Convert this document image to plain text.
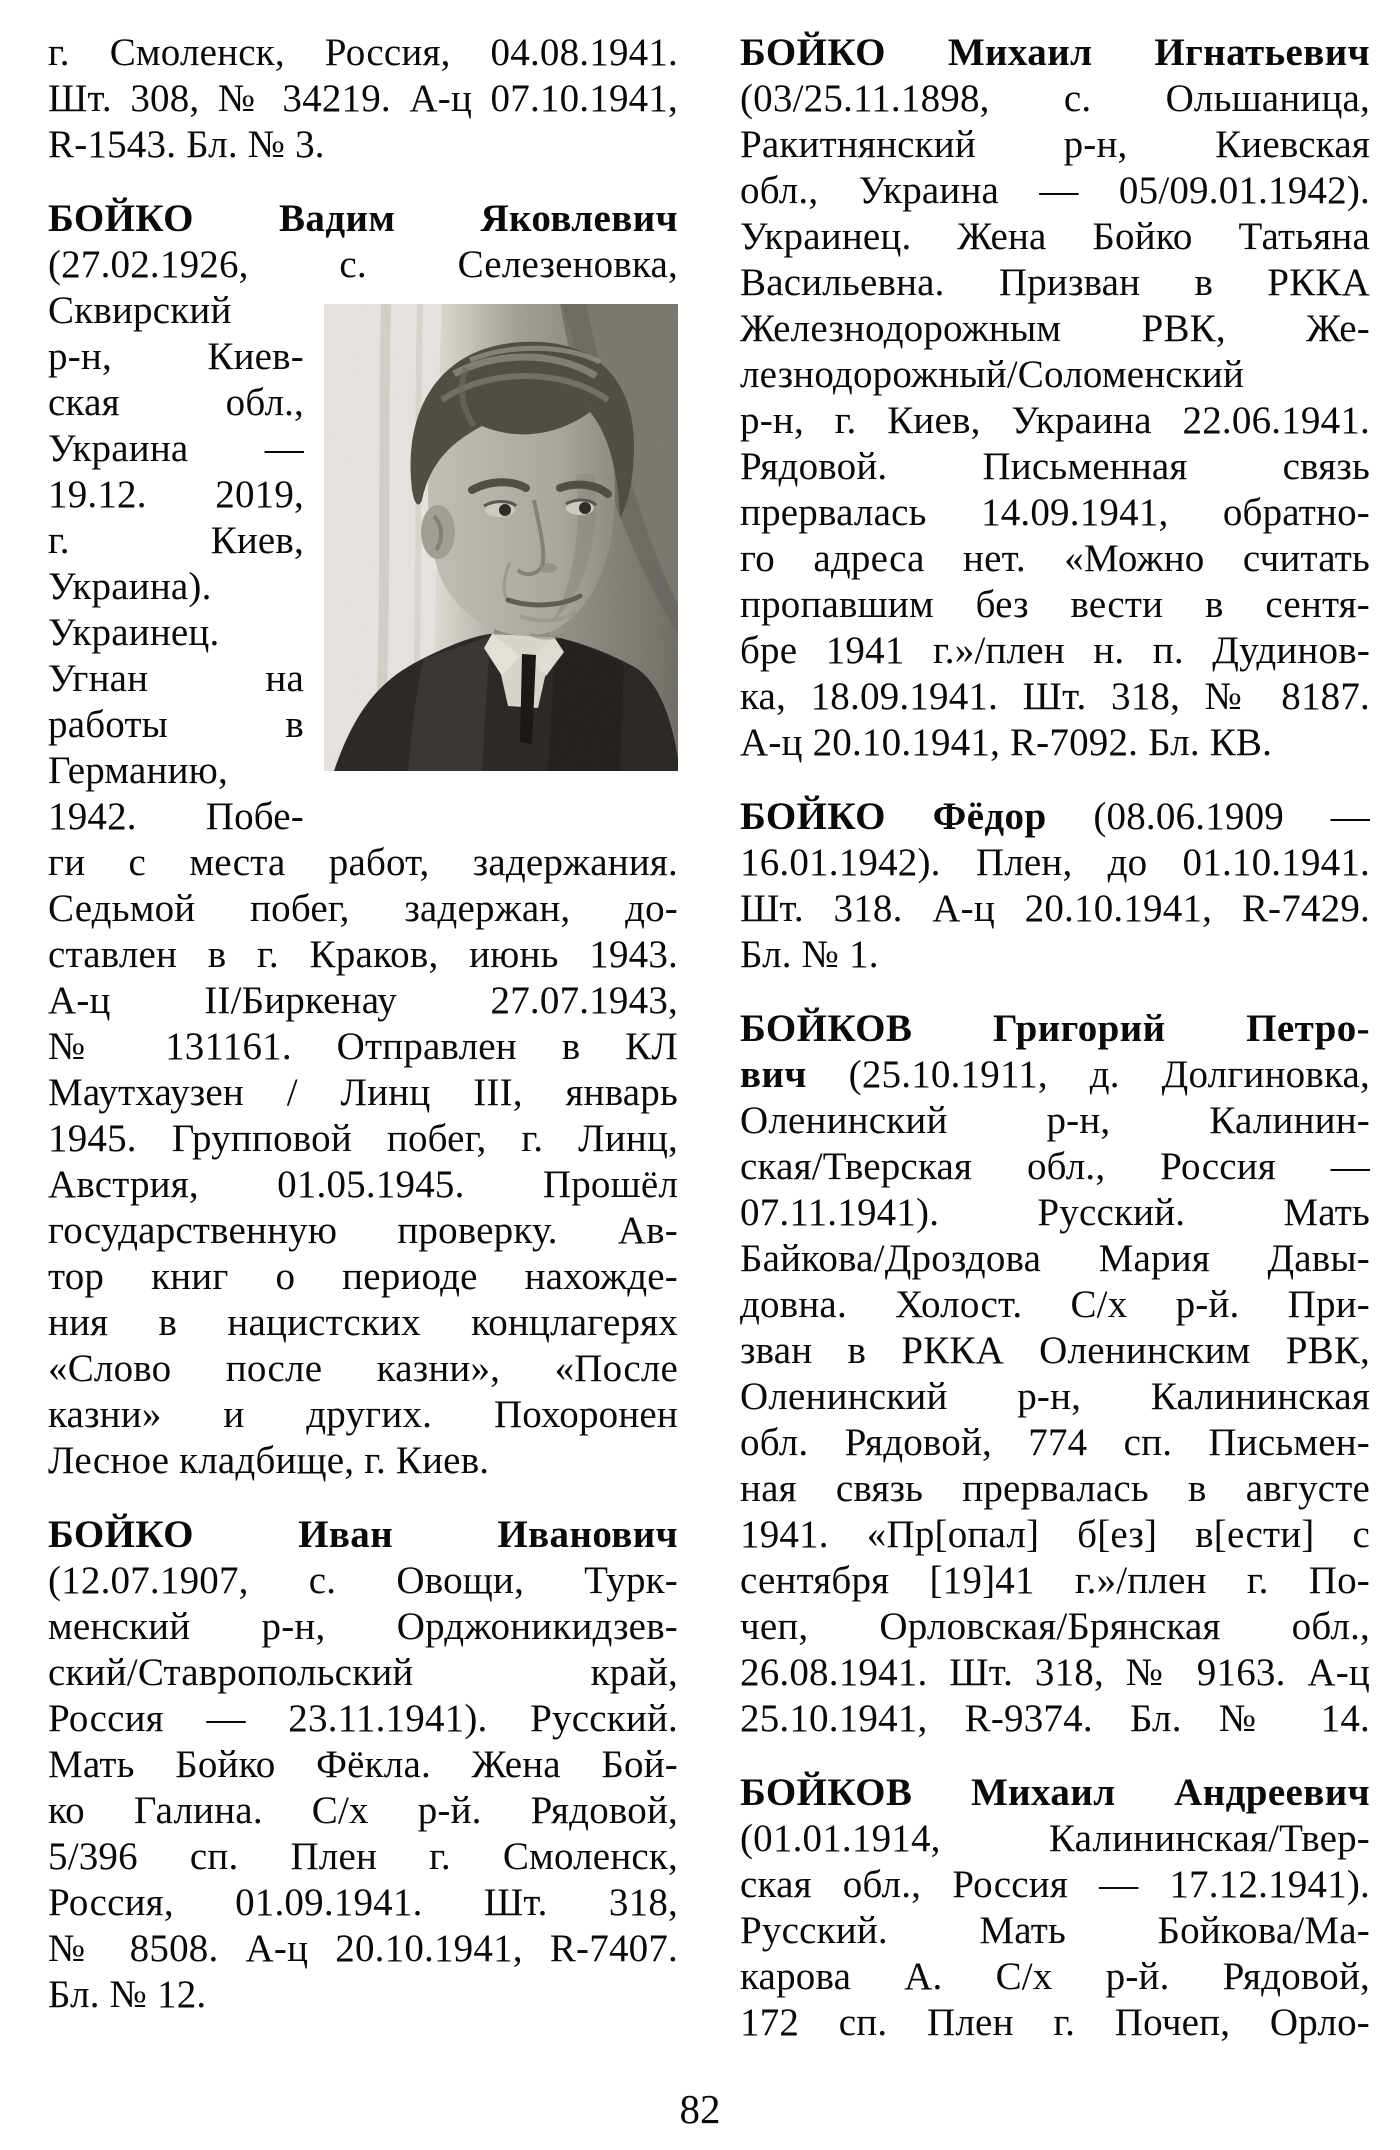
г. Смоленск, Россия, 04.08.1941.
Шт. 308, № 34219. А-ц 07.10.1941,
R-1543. Бл. № 3.
БОЙКО Вадим Яковлевич
(27.02.1926, с. Селезеновка,
Сквирский
р-н, Киев-
ская обл.,
Украина —
19.12. 2019,
г. Киев,
Украина).
Украинец.
Угнан на
работы в
Германию,
1942. Побе-
ги с места работ, задержания.
Седьмой побег, задержан, до-
ставлен в г. Краков, июнь 1943.
А-ц II/Биркенау 27.07.1943,
№ 131161. Отправлен в КЛ
Маутхаузен / Линц III, январь
1945. Групповой побег, г. Линц,
Австрия, 01.05.1945. Прошёл
государственную проверку. Ав-
тор книг о периоде нахожде-
ния в нацистских концлагерях
«Слово после казни», «После
казни» и других. Похоронен
Лесное кладбище, г. Киев.
БОЙКО Иван Иванович
(12.07.1907, с. Овощи, Турк-
менский р-н, Орджоникидзев-
ский/Ставропольский край,
Россия — 23.11.1941). Русский.
Мать Бойко Фёкла. Жена Бой-
ко Галина. С/х р-й. Рядовой,
5/396 сп. Плен г. Смоленск,
Россия, 01.09.1941. Шт. 318,
№ 8508. А-ц 20.10.1941, R-7407.
Бл. № 12.
БОЙКО Михаил Игнатьевич
(03/25.11.1898, с. Ольшаница,
Ракитнянский р-н, Киевская
обл., Украина — 05/09.01.1942).
Украинец. Жена Бойко Татьяна
Васильевна. Призван в РККА
Железнодорожным РВК, Же-
лезнодорожный/Соломенский
р-н, г. Киев, Украина 22.06.1941.
Рядовой. Письменная связь
прервалась 14.09.1941, обратно-
го адреса нет. «Можно считать
пропавшим без вести в сентя-
бре 1941 г.»/плен н. п. Дудинов-
ка, 18.09.1941. Шт. 318, № 8187.
А-ц 20.10.1941, R-7092. Бл. КВ.
БОЙКО Фёдор (08.06.1909 —
16.01.1942). Плен, до 01.10.1941.
Шт. 318. А-ц 20.10.1941, R-7429.
Бл. № 1.
БОЙКОВ Григорий Петро-
вич (25.10.1911, д. Долгиновка,
Оленинский р-н, Калинин-
ская/Тверская обл., Россия —
07.11.1941). Русский. Мать
Байкова/Дроздова Мария Давы-
довна. Холост. С/х р-й. При-
зван в РККА Оленинским РВК,
Оленинский р-н, Калининская
обл. Рядовой, 774 сп. Письмен-
ная связь прервалась в августе
1941. «Пр[опал] б[ез] в[ести] с
сентября [19]41 г.»/плен г. По-
чеп, Орловская/Брянская обл.,
26.08.1941. Шт. 318, № 9163. А-ц
25.10.1941, R-9374. Бл. № 14.
БОЙКОВ Михаил Андреевич
(01.01.1914, Калининская/Твер-
ская обл., Россия — 17.12.1941).
Русский. Мать Бойкова/Ма-
карова А. С/х р-й. Рядовой,
172 сп. Плен г. Почеп, Орло-
82
